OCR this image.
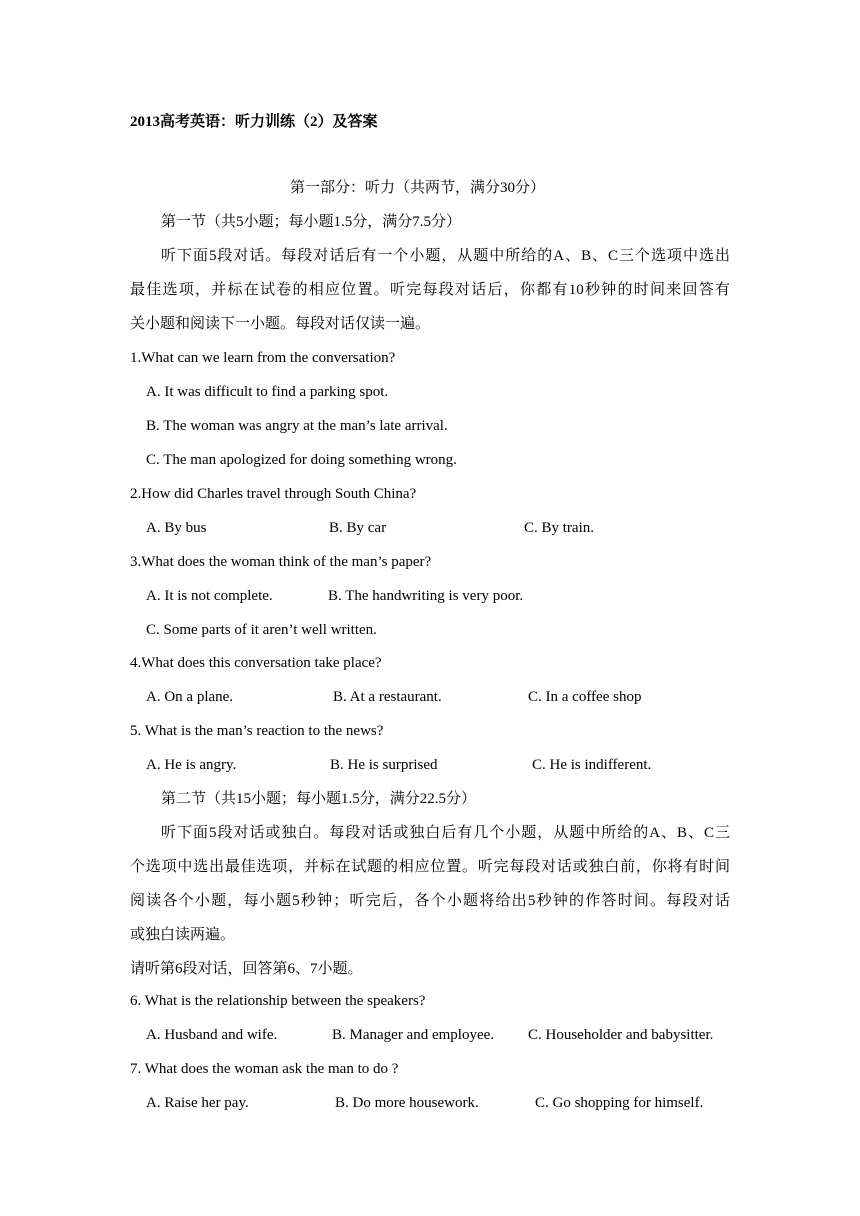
2013高考英语：听力训练（2）及答案
第一部分：听力（共两节，满分30分）
第一节（共5小题；每小题1.5分，满分7.5分）
听下面5段对话。每段对话后有一个小题，从题中所给的A、B、C三个选项中选出
最佳选项，并标在试卷的相应位置。听完每段对话后，你都有10秒钟的时间来回答有
关小题和阅读下一小题。每段对话仅读一遍。
1.What can we learn from the conversation?
A. It was difficult to find a parking spot.
B. The woman was angry at the man’s late arrival.
C. The man apologized for doing something wrong.
2.How did Charles travel through South China?
A. By bus	B. By car	C. By train.
3.What does the woman think of the man’s paper?
A. It is not complete.	B. The handwriting is very poor.
C. Some parts of it aren’t well written.
4.What does this conversation take place?
A. On a plane.	B. At a restaurant.	C. In a coffee shop
5. What is the man’s reaction to the news?
A. He is angry.	B. He is surprised	C. He is indifferent.
第二节（共15小题；每小题1.5分，满分22.5分）
听下面5段对话或独白。每段对话或独白后有几个小题，从题中所给的A、B、C三
个选项中选出最佳选项，并标在试题的相应位置。听完每段对话或独白前，你将有时间
阅读各个小题，每小题5秒钟；听完后，各个小题将给出5秒钟的作答时间。每段对话
或独白读两遍。
请听第6段对话，回答第6、7小题。
6. What is the relationship between the speakers?
A. Husband and wife.	B. Manager and employee. C. Householder and babysitter.
7. What does the woman ask the man to do ?
A. Raise her pay.	B. Do more housework.	C. Go shopping for himself.
